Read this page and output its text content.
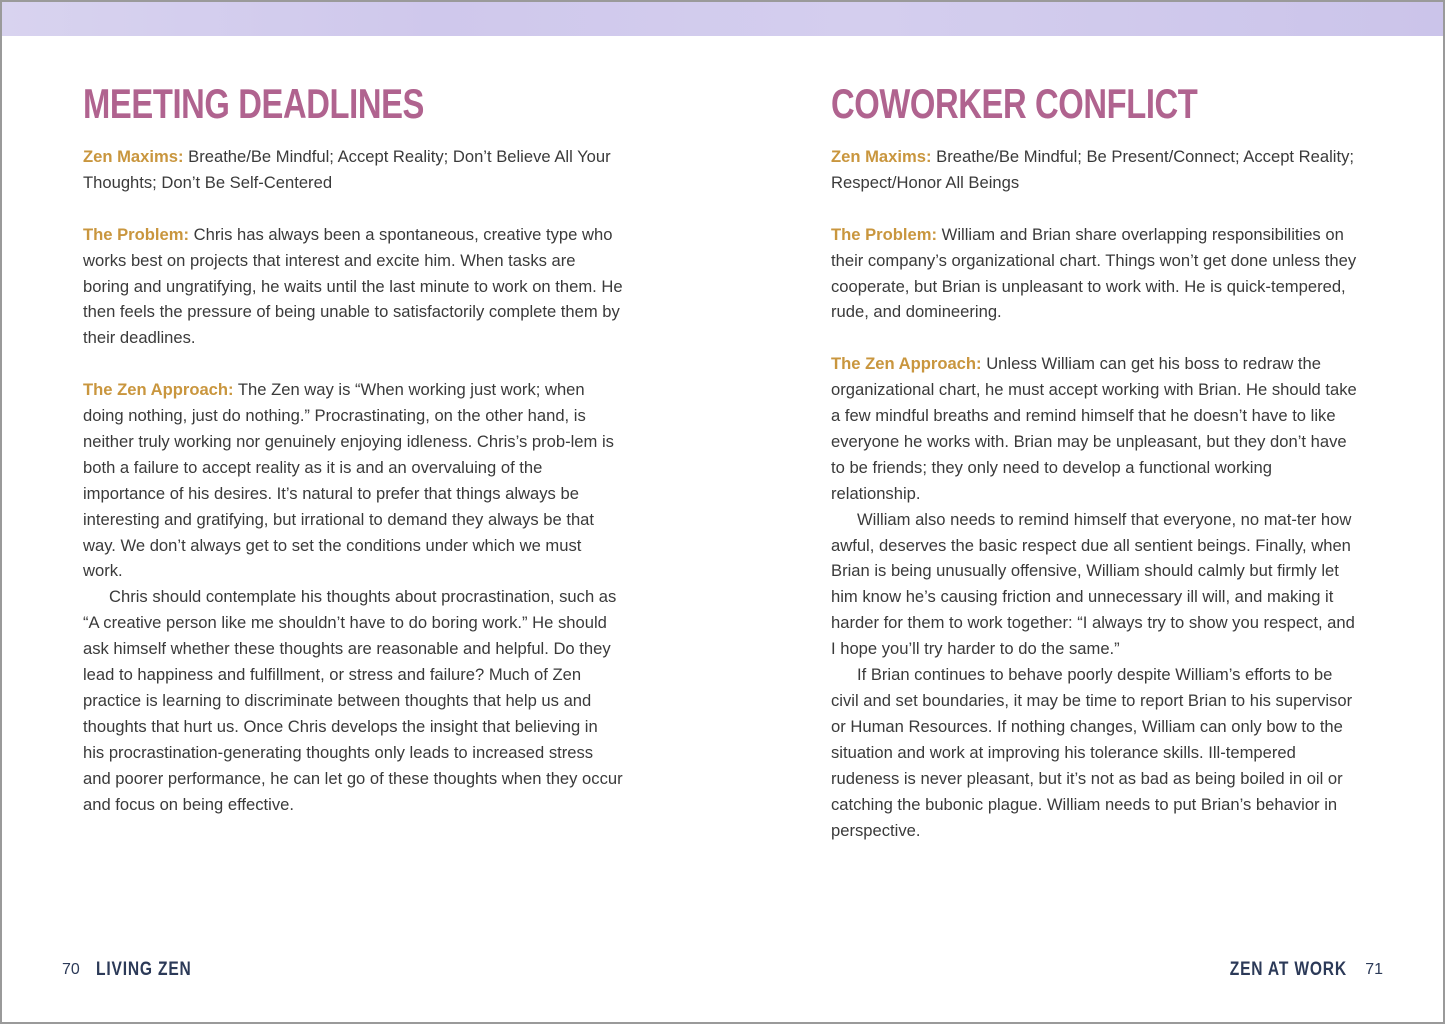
MEETING DEADLINES

Zen Maxims: Breathe/Be Mindful; Accept Reality; Don’t Believe All Your Thoughts; Don’t Be Self-Centered

The Problem: Chris has always been a spontaneous, creative type who works best on projects that interest and excite him. When tasks are boring and ungratifying, he waits until the last minute to work on them. He then feels the pressure of being unable to satisfactorily complete them by their deadlines.

The Zen Approach: The Zen way is “When working just work; when doing nothing, just do nothing.” Procrastinating, on the other hand, is neither truly working nor genuinely enjoying idleness. Chris’s prob-lem is both a failure to accept reality as it is and an overvaluing of the importance of his desires. It’s natural to prefer that things always be interesting and gratifying, but irrational to demand they always be that way. We don’t always get to set the conditions under which we must work.

Chris should contemplate his thoughts about procrastination, such as “A creative person like me shouldn’t have to do boring work.” He should ask himself whether these thoughts are reasonable and helpful. Do they lead to happiness and fulfillment, or stress and failure? Much of Zen practice is learning to discriminate between thoughts that help us and thoughts that hurt us. Once Chris develops the insight that believing in his procrastination-generating thoughts only leads to increased stress and poorer performance, he can let go of these thoughts when they occur and focus on being effective.

COWORKER CONFLICT

Zen Maxims: Breathe/Be Mindful; Be Present/Connect; Accept Reality; Respect/Honor All Beings

The Problem: William and Brian share overlapping responsibilities on their company’s organizational chart. Things won’t get done unless they cooperate, but Brian is unpleasant to work with. He is quick-tempered, rude, and domineering.

The Zen Approach: Unless William can get his boss to redraw the organizational chart, he must accept working with Brian. He should take a few mindful breaths and remind himself that he doesn’t have to like everyone he works with. Brian may be unpleasant, but they don’t have to be friends; they only need to develop a functional working relationship.

William also needs to remind himself that everyone, no mat-ter how awful, deserves the basic respect due all sentient beings. Finally, when Brian is being unusually offensive, William should calmly but firmly let him know he’s causing friction and unnecessary ill will, and making it harder for them to work together: “I always try to show you respect, and I hope you’ll try harder to do the same.”

If Brian continues to behave poorly despite William’s efforts to be civil and set boundaries, it may be time to report Brian to his supervisor or Human Resources. If nothing changes, William can only bow to the situation and work at improving his tolerance skills. Ill-tempered rudeness is never pleasant, but it’s not as bad as being boiled in oil or catching the bubonic plague. William needs to put Brian’s behavior in perspective.

70 LIVING ZEN	ZEN AT WORK 71
